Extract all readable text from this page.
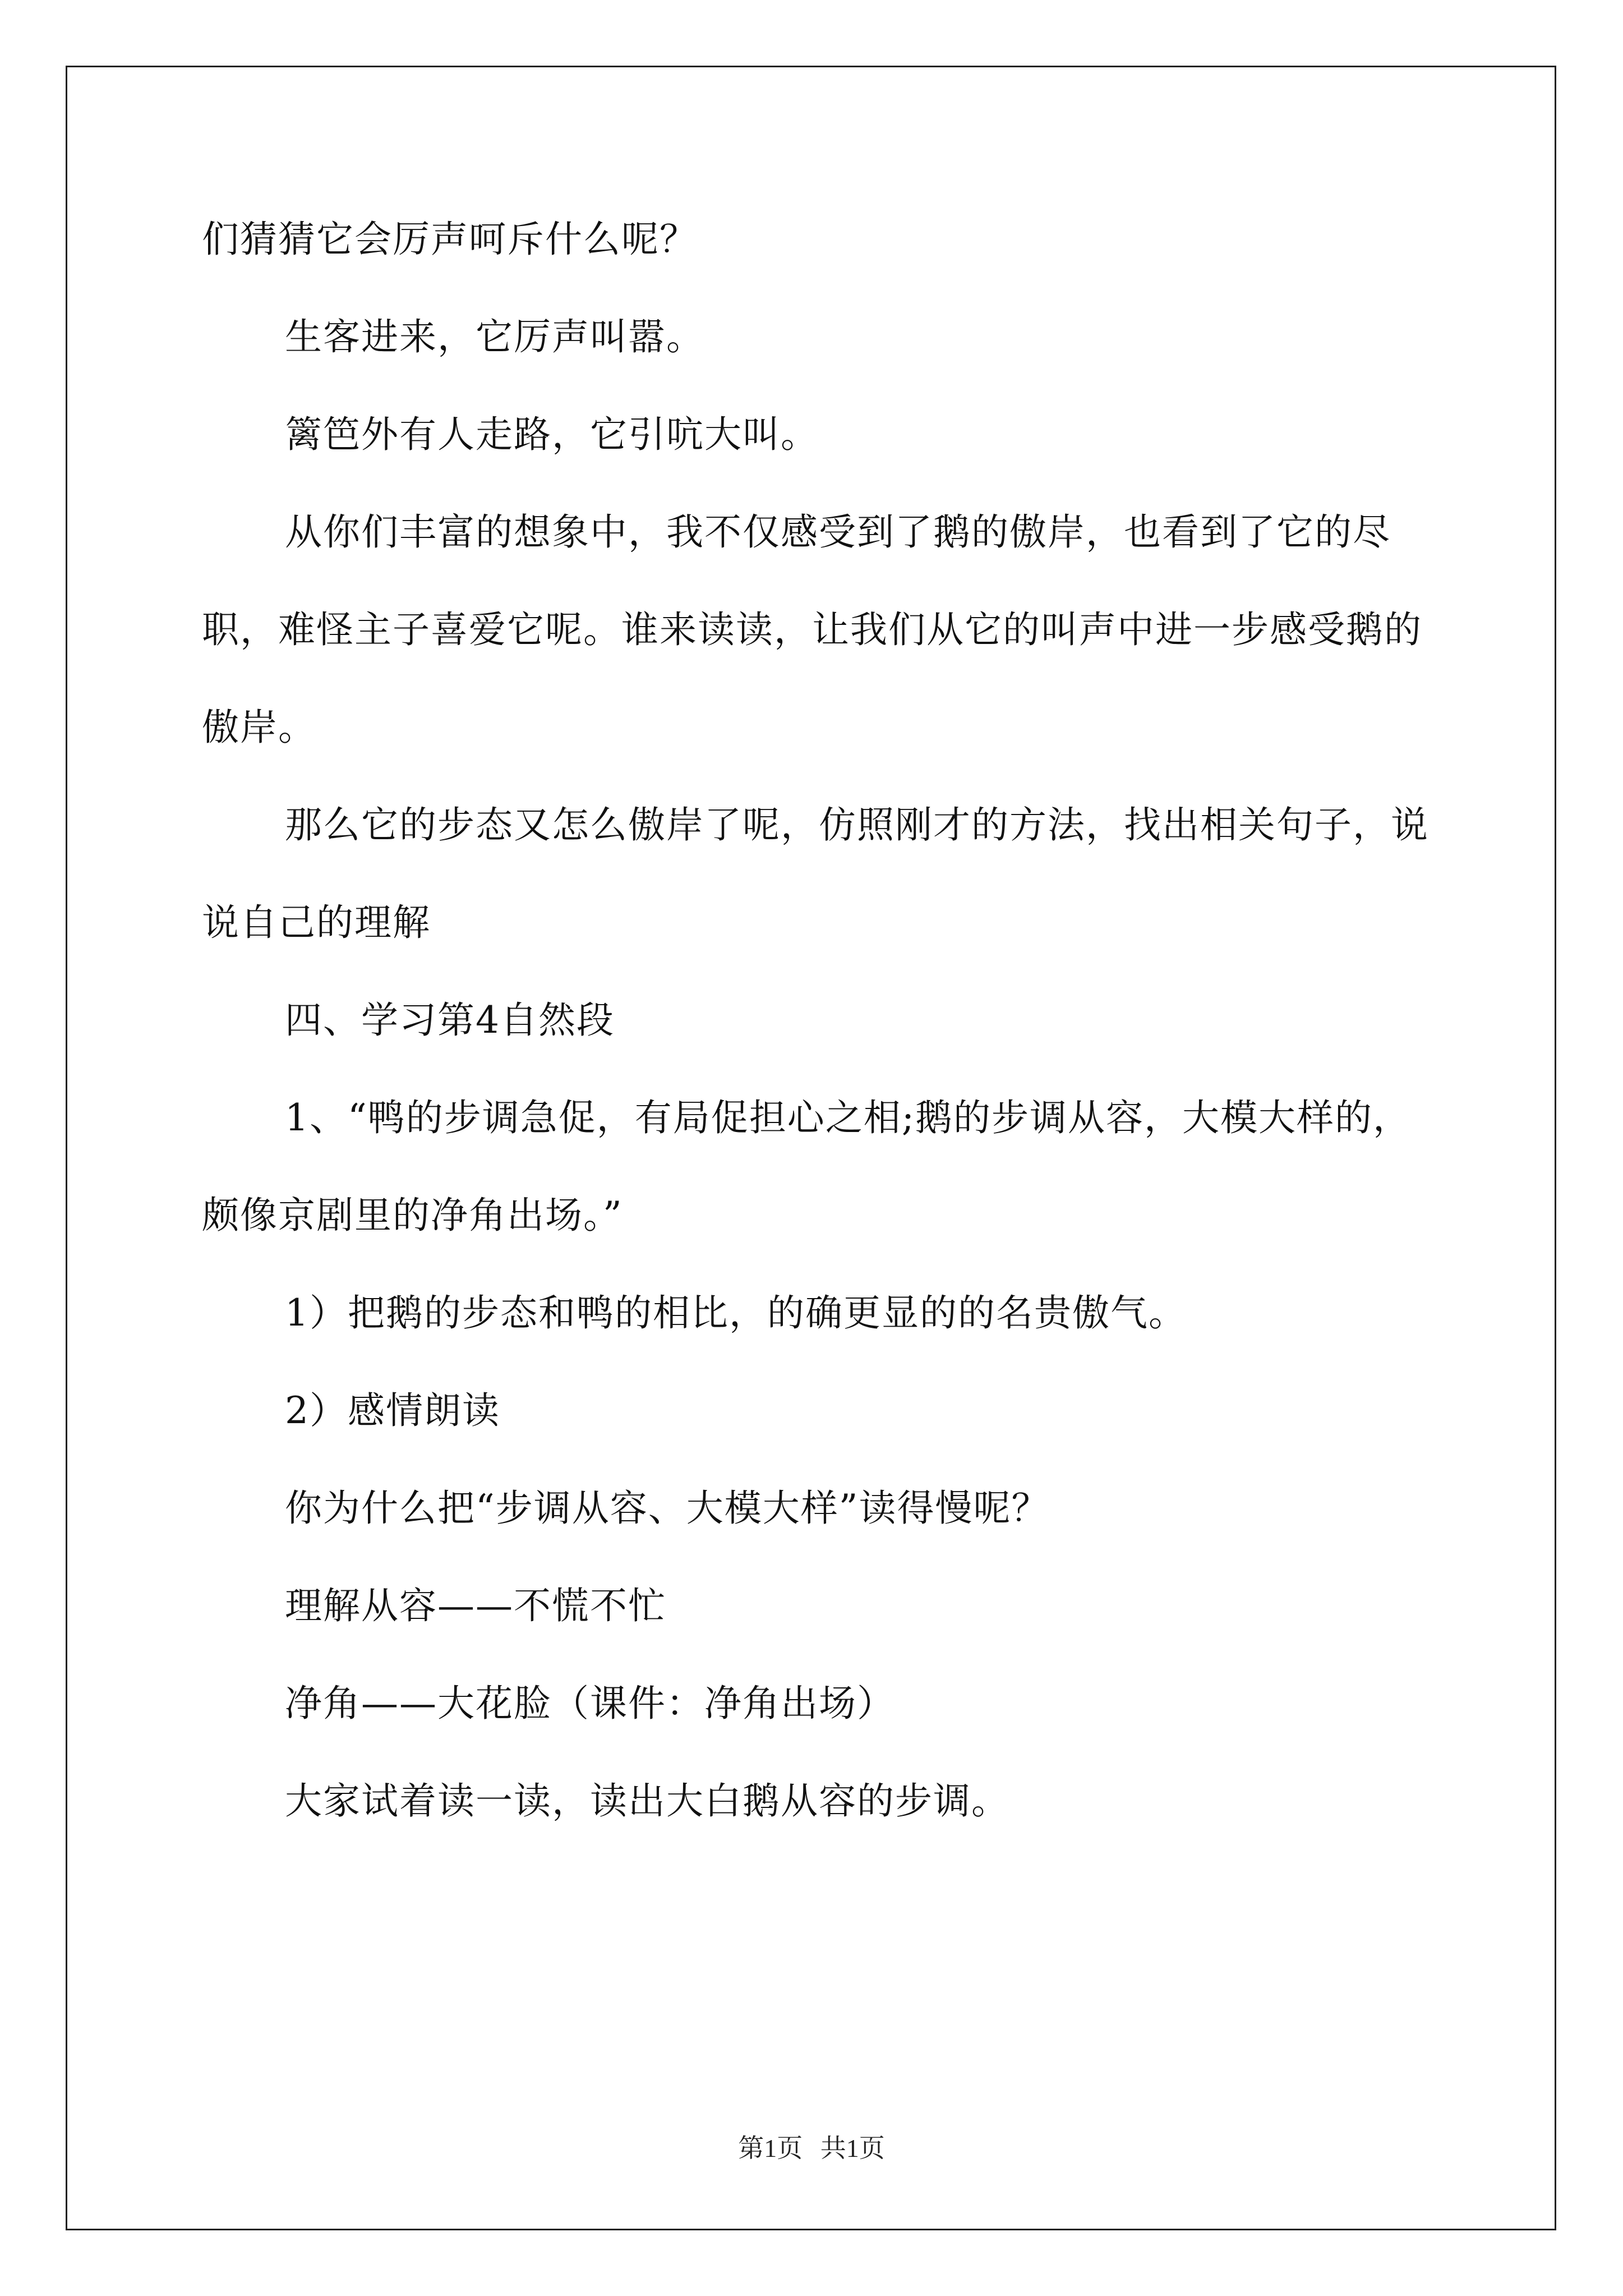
们猜猜它会厉声呵斥什么呢？

生客进来，它厉声叫嚣。

篱笆外有人走路，它引吭大叫。

从你们丰富的想象中，我不仅感受到了鹅的傲岸，也看到了它的尽职，难怪主子喜爱它呢。谁来读读，让我们从它的叫声中进一步感受鹅的傲岸。

那么它的步态又怎么傲岸了呢，仿照刚才的方法，找出相关句子，说说自己的理解

四、学习第4自然段

1、“鸭的步调急促，有局促担心之相;鹅的步调从容，大模大样的，颇像京剧里的净角出场。”

1）把鹅的步态和鸭的相比，的确更显的的名贵傲气。

2）感情朗读

你为什么把“步调从容、大模大样”读得慢呢？

理解从容——不慌不忙

净角——大花脸（课件：净角出场）

大家试着读一读，读出大白鹅从容的步调。

第1页 共1页
